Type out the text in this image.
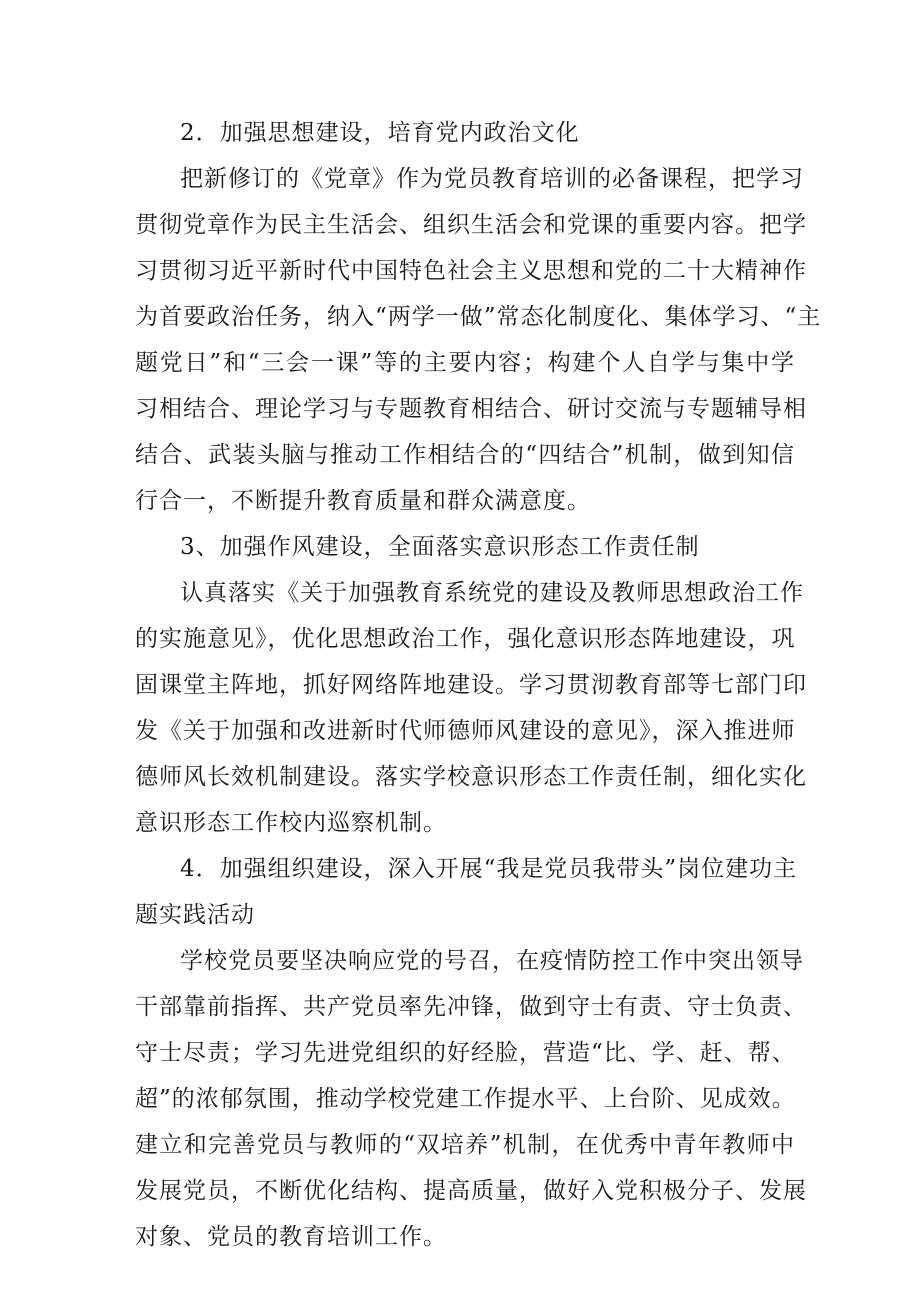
2．加强思想建设，培育党内政治文化
把新修订的《党章》作为党员教育培训的必备课程，把学习
贯彻党章作为民主生活会、组织生活会和党课的重要内容。把学
习贯彻习近平新时代中国特色社会主义思想和党的二十大精神作
为首要政治任务，纳入“两学一做”常态化制度化、集体学习、“主
题党日”和“三会一课”等的主要内容；构建个人自学与集中学
习相结合、理论学习与专题教育相结合、研讨交流与专题辅导相
结合、武装头脑与推动工作相结合的“四结合”机制，做到知信
行合一，不断提升教育质量和群众满意度。
3、加强作风建设，全面落实意识形态工作责任制
认真落实《关于加强教育系统党的建设及教师思想政治工作
的实施意见》，优化思想政治工作，强化意识形态阵地建设，巩
固课堂主阵地，抓好网络阵地建设。学习贯沏教育部等七部门印
发《关于加强和改进新时代师德师风建设的意见》，深入推进师
德师风长效机制建设。落实学校意识形态工作责任制，细化实化
意识形态工作校内巡察机制。
4．加强组织建设，深入开展“我是党员我带头”岗位建功主
题实践活动
学校党员要坚决响应党的号召，在疫情防控工作中突出领导
干部靠前指挥、共产党员率先冲锋，做到守士有责、守士负责、
守士尽责；学习先进党组织的好经脸，营造“比、学、赶、帮、
超”的浓郁氛围，推动学校党建工作提水平、上台阶、见成效。
建立和完善党员与教师的“双培养”机制，在优秀中青年教师中
发展党员，不断优化结构、提高质量，做好入党积极分子、发展
对象、党员的教育培训工作。
